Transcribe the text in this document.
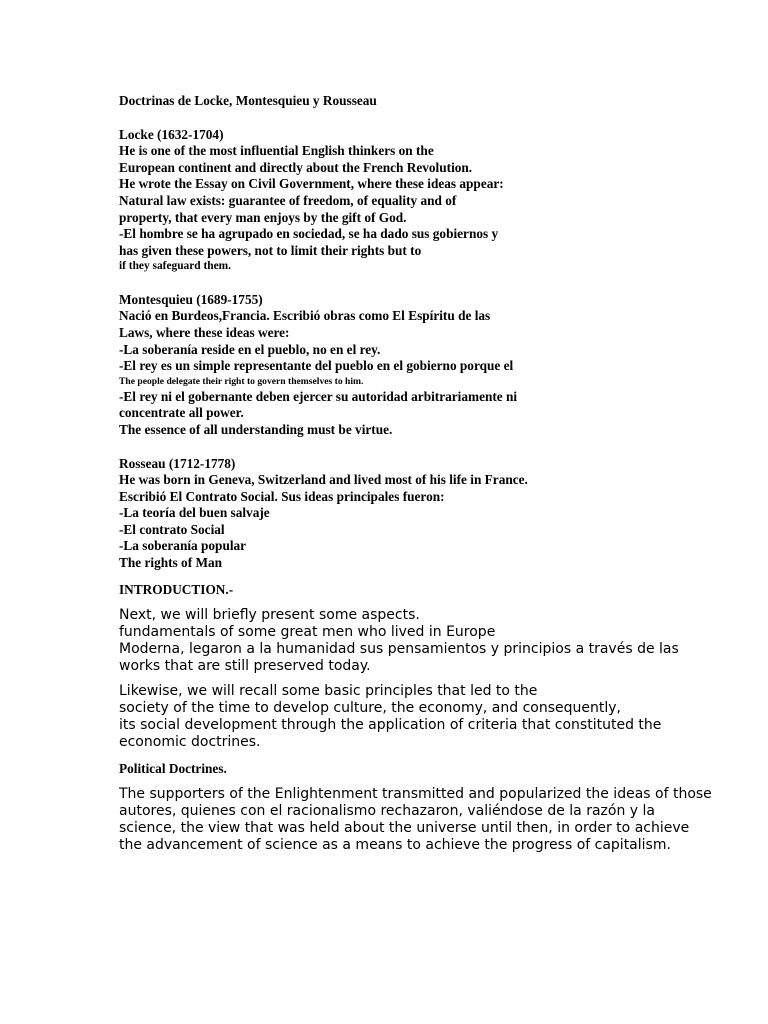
Doctrinas de Locke, Montesquieu y Rousseau

Locke (1632-1704)

He is one of the most influential English thinkers on the

European continent and directly about the French Revolution.

He wrote the Essay on Civil Government, where these ideas appear:

Natural law exists: guarantee of freedom, of equality and of

property, that every man enjoys by the gift of God.

-El hombre se ha agrupado en sociedad, se ha dado sus gobiernos y

has given these powers, not to limit their rights but to

if they safeguard them.

Montesquieu (1689-1755)

Nació en Burdeos,Francia. Escribió obras como El Espíritu de las

Laws, where these ideas were:

-La soberanía reside en el pueblo, no en el rey.

-El rey es un simple representante del pueblo en el gobierno porque el

The people delegate their right to govern themselves to him.

-El rey ni el gobernante deben ejercer su autoridad arbitrariamente ni

concentrate all power.

The essence of all understanding must be virtue.

Rosseau (1712-1778)

He was born in Geneva, Switzerland and lived most of his life in France.

Escribió El Contrato Social. Sus ideas principales fueron:

-La teoría del buen salvaje

-El contrato Social

-La soberanía popular

The rights of Man

INTRODUCTION.-

Next, we will briefly present some aspects.

fundamentals of some great men who lived in Europe

Moderna, legaron a la humanidad sus pensamientos y principios a través de las

works that are still preserved today.

Likewise, we will recall some basic principles that led to the

society of the time to develop culture, the economy, and consequently,

its social development through the application of criteria that constituted the

economic doctrines.

Political Doctrines.

The supporters of the Enlightenment transmitted and popularized the ideas of those

autores, quienes con el racionalismo rechazaron, valiéndose de la razón y la

science, the view that was held about the universe until then, in order to achieve

the advancement of science as a means to achieve the progress of capitalism.
